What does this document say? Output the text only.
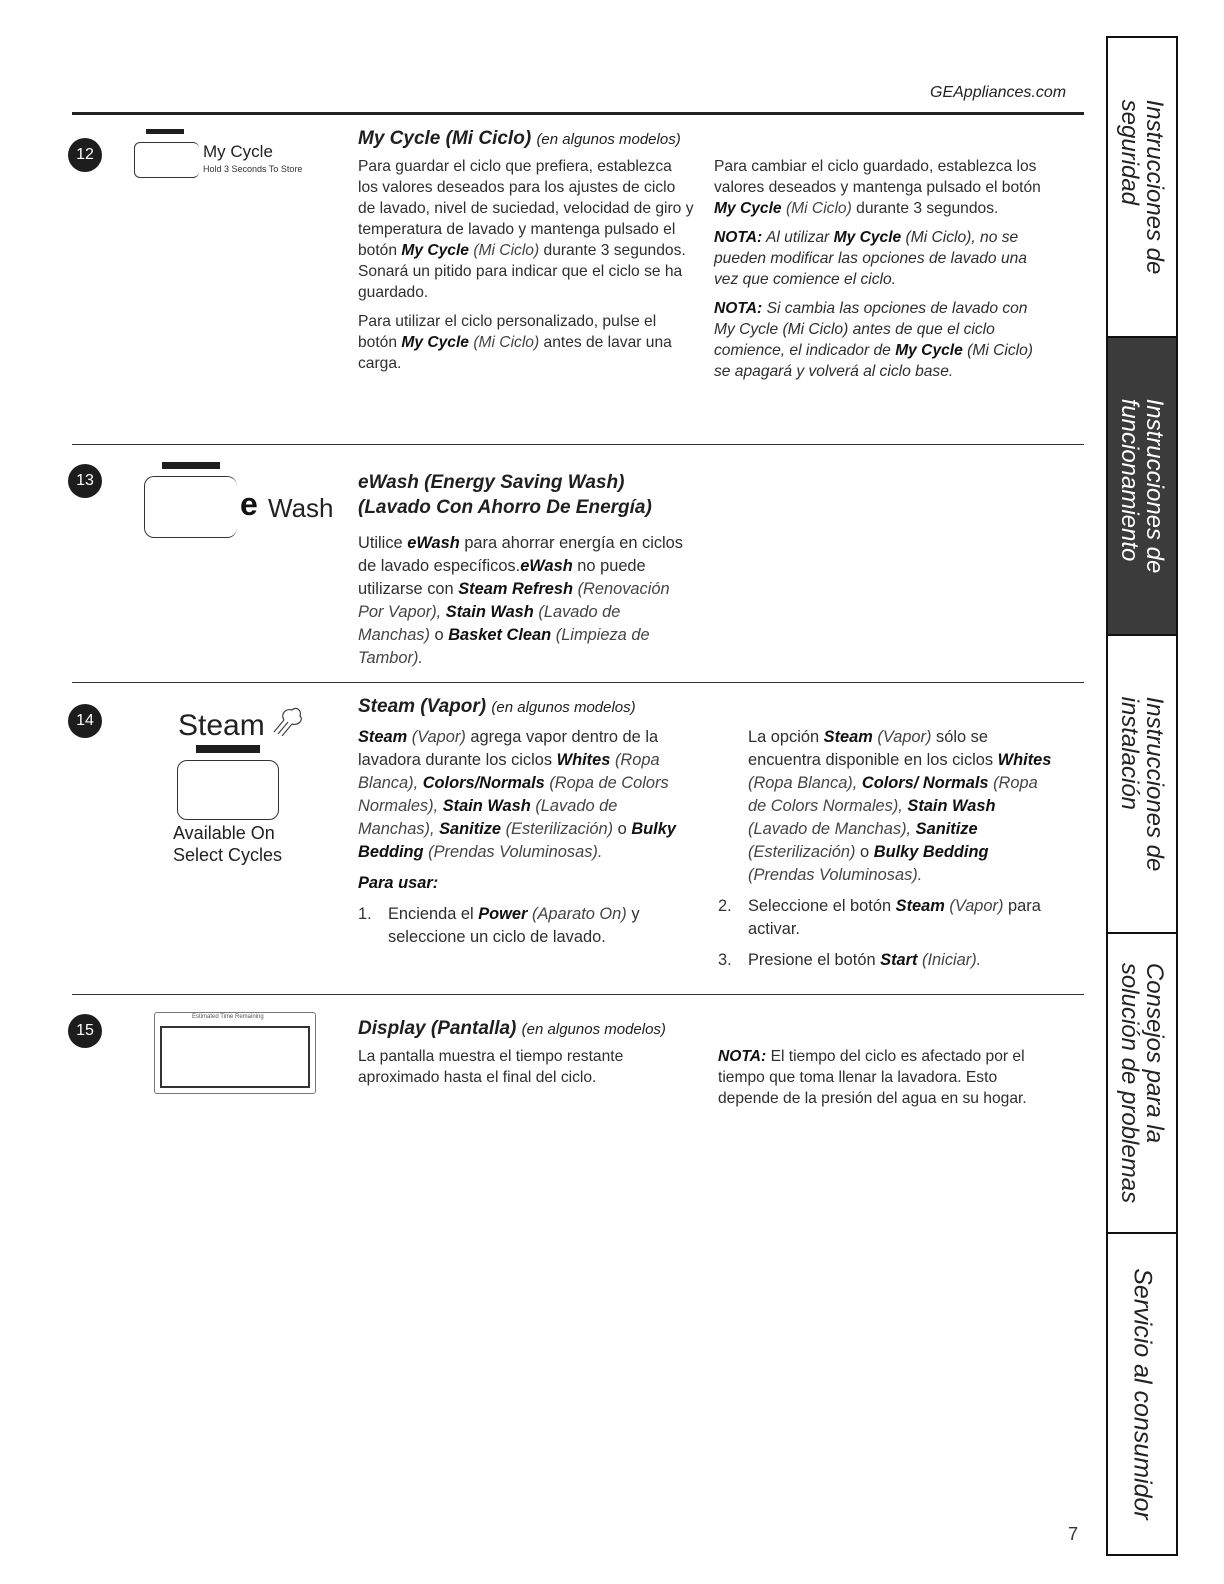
GEAppliances.com
12	My Cycle
Hold 3 Seconds To Store
My Cycle (Mi Ciclo) (en algunos modelos)

Para guardar el ciclo que prefiera, establezca los valores deseados para los ajustes de ciclo de lavado, nivel de suciedad, velocidad de giro y temperatura de lavado y mantenga pulsado el botón My Cycle (Mi Ciclo) durante 3 segundos. Sonará un pitido para indicar que el ciclo se ha guardado.

Para utilizar el ciclo personalizado, pulse el botón My Cycle (Mi Ciclo) antes de lavar una carga.

Para cambiar el ciclo guardado, establezca los valores deseados y mantenga pulsado el botón My Cycle (Mi Ciclo) durante 3 segundos.

NOTA: Al utilizar My Cycle (Mi Ciclo), no se pueden modificar las opciones de lavado una vez que comience el ciclo.

NOTA: Si cambia las opciones de lavado con My Cycle (Mi Ciclo) antes de que el ciclo comience, el indicador de My Cycle (Mi Ciclo) se apagará y volverá al ciclo base.

13
e Wash
eWash (Energy Saving Wash)
(Lavado Con Ahorro De Energía)
Utilice eWash para ahorrar energía en ciclos de lavado específicos.eWash no puede utilizarse con Steam Refresh (Renovación Por Vapor), Stain Wash (Lavado de Manchas) o Basket Clean (Limpieza de Tambor).
14	Steam
Available On
Select Cycles
Steam (Vapor) (en algunos modelos)

Steam (Vapor) agrega vapor dentro de la lavadora durante los ciclos Whites (Ropa Blanca), Colors/Normals (Ropa de Colors Normales), Stain Wash (Lavado de Manchas), Sanitize (Esterilización) o Bulky Bedding (Prendas Voluminosas).

Para usar:

1. Encienda el Power (Aparato On) y seleccione un ciclo de lavado.

La opción Steam (Vapor) sólo se encuentra disponible en los ciclos Whites (Ropa Blanca), Colors/ Normals (Ropa de Colors Normales), Stain Wash (Lavado de Manchas), Sanitize (Esterilización) o Bulky Bedding (Prendas Voluminosas).

2. Seleccione el botón Steam (Vapor) para activar.
3. Presione el botón Start (Iniciar).
15
Estimated Time Remaining
Display (Pantalla) (en algunos modelos)
La pantalla muestra el tiempo restante aproximado hasta el final del ciclo.
NOTA: El tiempo del ciclo es afectado por el tiempo que toma llenar la lavadora. Esto depende de la presión del agua en su hogar.
7
Instrucciones de
seguridad
Instrucciones de
funcionamiento
Instrucciones de
instalación
Consejos para la
solución de problemas
Servicio al consumidor
